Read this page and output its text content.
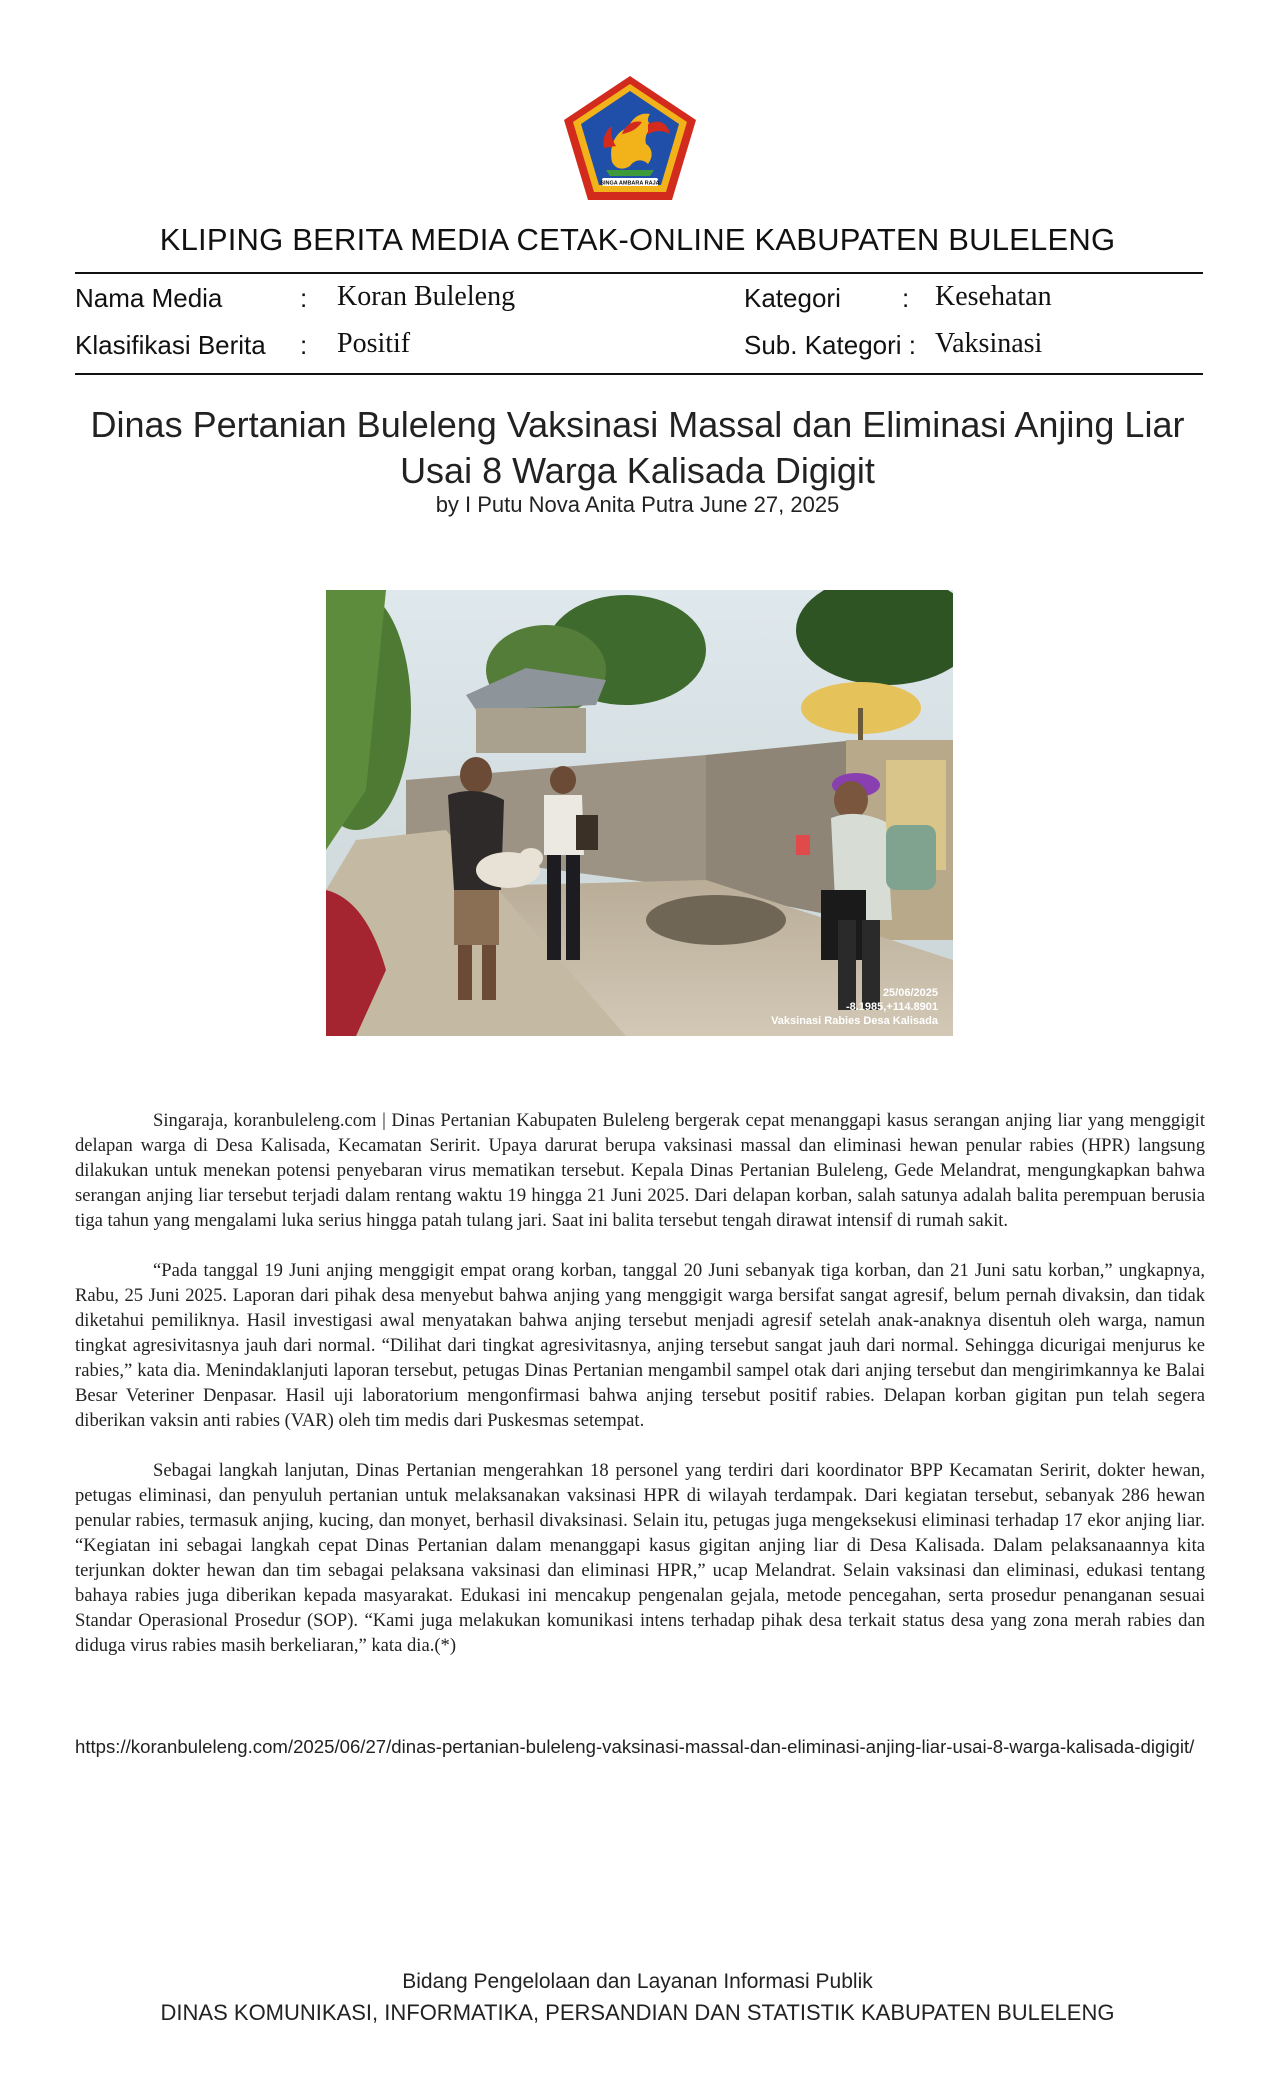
SINGA AMBARA RAJA
KLIPING BERITA MEDIA CETAK-ONLINE KABUPATEN BULELENG
Nama Media	: Koran Buleleng	Kategori : Kesehatan
Klasifikasi Berita : Positif	Sub. Kategori : Vaksinasi
Dinas Pertanian Buleleng Vaksinasi Massal dan Eliminasi Anjing Liar Usai 8 Warga Kalisada Digigit
by I Putu Nova Anita Putra June 27, 2025
25/06/2025
-8.1985,+114.8901
Vaksinasi Rabies Desa Kalisada

Singaraja, koranbuleleng.com | Dinas Pertanian Kabupaten Buleleng bergerak cepat menanggapi kasus serangan anjing liar yang menggigit delapan warga di Desa Kalisada, Kecamatan Seririt. Upaya darurat berupa vaksinasi massal dan eliminasi hewan penular rabies (HPR) langsung dilakukan untuk menekan potensi penyebaran virus mematikan tersebut. Kepala Dinas Pertanian Buleleng, Gede Melandrat, mengungkapkan bahwa serangan anjing liar tersebut terjadi dalam rentang waktu 19 hingga 21 Juni 2025. Dari delapan korban, salah satunya adalah balita perempuan berusia tiga tahun yang mengalami luka serius hingga patah tulang jari. Saat ini balita tersebut tengah dirawat intensif di rumah sakit.

“Pada tanggal 19 Juni anjing menggigit empat orang korban, tanggal 20 Juni sebanyak tiga korban, dan 21 Juni satu korban,” ungkapnya, Rabu, 25 Juni 2025. Laporan dari pihak desa menyebut bahwa anjing yang menggigit warga bersifat sangat agresif, belum pernah divaksin, dan tidak diketahui pemiliknya. Hasil investigasi awal menyatakan bahwa anjing tersebut menjadi agresif setelah anak-anaknya disentuh oleh warga, namun tingkat agresivitasnya jauh dari normal. “Dilihat dari tingkat agresivitasnya, anjing tersebut sangat jauh dari normal. Sehingga dicurigai menjurus ke rabies,” kata dia. Menindaklanjuti laporan tersebut, petugas Dinas Pertanian mengambil sampel otak dari anjing tersebut dan mengirimkannya ke Balai Besar Veteriner Denpasar. Hasil uji laboratorium mengonfirmasi bahwa anjing tersebut positif rabies. Delapan korban gigitan pun telah segera diberikan vaksin anti rabies (VAR) oleh tim medis dari Puskesmas setempat.

Sebagai langkah lanjutan, Dinas Pertanian mengerahkan 18 personel yang terdiri dari koordinator BPP Kecamatan Seririt, dokter hewan, petugas eliminasi, dan penyuluh pertanian untuk melaksanakan vaksinasi HPR di wilayah terdampak. Dari kegiatan tersebut, sebanyak 286 hewan penular rabies, termasuk anjing, kucing, dan monyet, berhasil divaksinasi. Selain itu, petugas juga mengeksekusi eliminasi terhadap 17 ekor anjing liar. “Kegiatan ini sebagai langkah cepat Dinas Pertanian dalam menanggapi kasus gigitan anjing liar di Desa Kalisada. Dalam pelaksanaannya kita terjunkan dokter hewan dan tim sebagai pelaksana vaksinasi dan eliminasi HPR,” ucap Melandrat. Selain vaksinasi dan eliminasi, edukasi tentang bahaya rabies juga diberikan kepada masyarakat. Edukasi ini mencakup pengenalan gejala, metode pencegahan, serta prosedur penanganan sesuai Standar Operasional Prosedur (SOP). “Kami juga melakukan komunikasi intens terhadap pihak desa terkait status desa yang zona merah rabies dan diduga virus rabies masih berkeliaran,” kata dia.(*)

https://koranbuleleng.com/2025/06/27/dinas-pertanian-buleleng-vaksinasi-massal-dan-eliminasi-anjing-liar-usai-8-warga-kalisada-digigit/
Bidang Pengelolaan dan Layanan Informasi Publik
DINAS KOMUNIKASI, INFORMATIKA, PERSANDIAN DAN STATISTIK KABUPATEN BULELENG
